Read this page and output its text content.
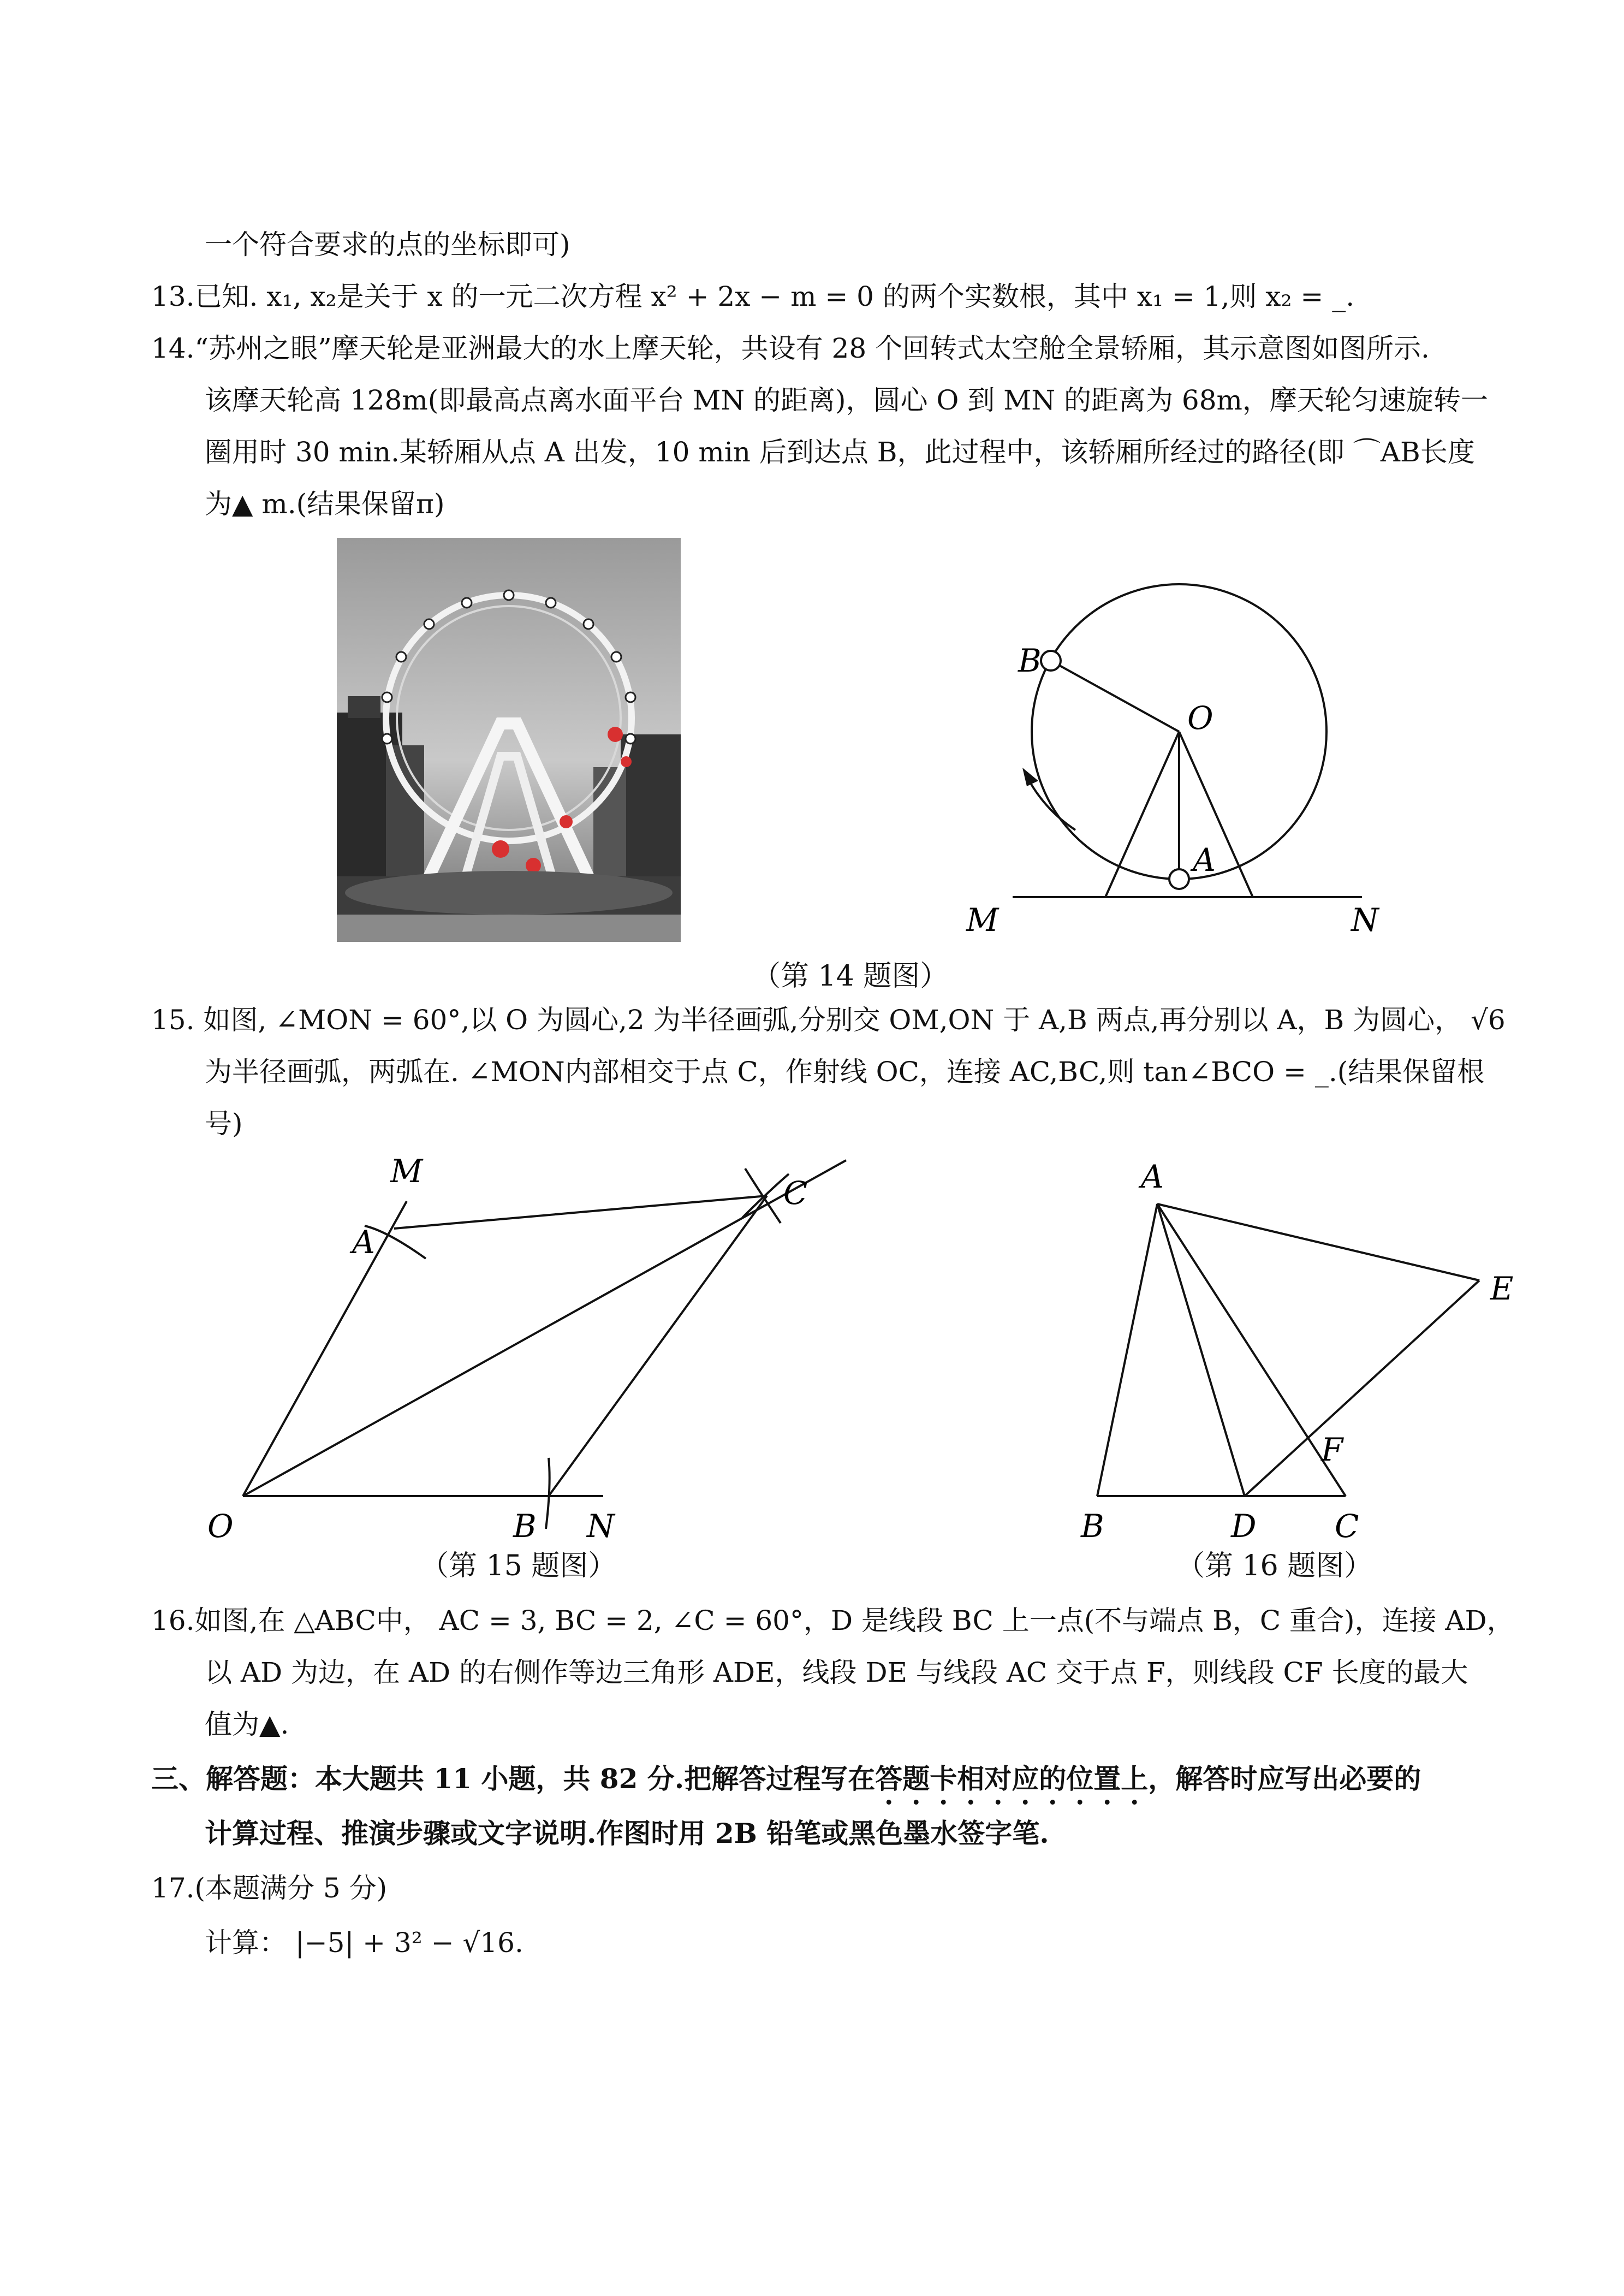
一个符合要求的点的坐标即可)
13.已知. x₁, x₂是关于 x 的一元二次方程 x² + 2x − m = 0 的两个实数根，其中 x₁ = 1,则 x₂ = _.
14.“苏州之眼”摩天轮是亚洲最大的水上摩天轮，共设有 28 个回转式太空舱全景轿厢，其示意图如图所示.
该摩天轮高 128m(即最高点离水面平台 MN 的距离)，圆心 O 到 MN 的距离为 68m，摩天轮匀速旋转一
圈用时 30 min.某轿厢从点 A 出发，10 min 后到达点 B，此过程中，该轿厢所经过的路径(即 ⌒AB长度
为▲ m.(结果保留π)
B
O
A
M	N
（第 14 题图）
15. 如图, ∠MON = 60°,以 O 为圆心,2 为半径画弧,分别交 OM,ON 于 A,B 两点,再分别以 A，B 为圆心， √6
为半径画弧，两弧在. ∠MON内部相交于点 C，作射线 OC，连接 AC,BC,则 tan∠BCO = _.(结果保留根
号)
M
A
C
O	B N
（第 15 题图）
A
E
F
B	D C
（第 16 题图）
16.如图,在 △ABC中， AC = 3, BC = 2, ∠C = 60°，D 是线段 BC 上一点(不与端点 B，C 重合)，连接 AD，
以 AD 为边，在 AD 的右侧作等边三角形 ADE，线段 DE 与线段 AC 交于点 F，则线段 CF 长度的最大
值为▲.
三、解答题：本大题共 11 小题，共 82 分.把解答过程写在答题卡相对应的位置上，解答时应写出必要的
计算过程、推演步骤或文字说明.作图时用 2B 铅笔或黑色墨水签字笔.
17.(本题满分 5 分)
计算： |−5| + 3² − √16.
